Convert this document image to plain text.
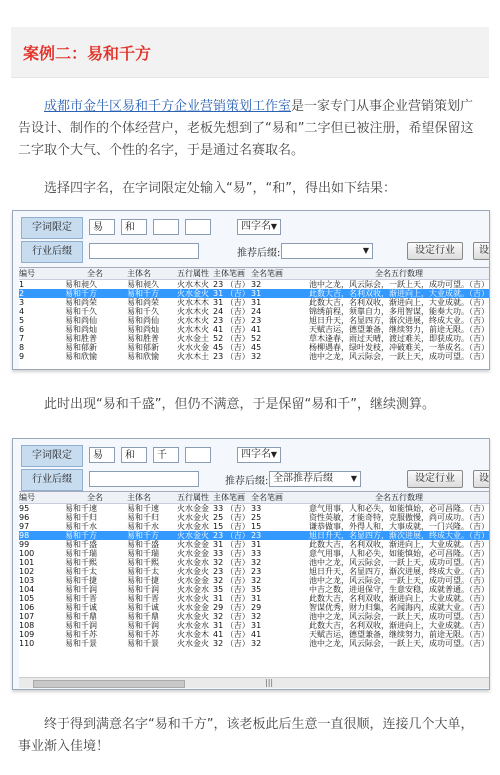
案例二：易和千方
成都市金牛区易和千方企业营销策划工作室是一家专门从事企业营销策划广告设计、制作的个体经营户，老板先想到了“易和”二字但已被注册，希望保留这二字取个大气、个性的名字，于是通过名赛取名。
选择四字名，在字词限定处输入“易”，“和”，得出如下结果：
字词限定	易	和	四字名 ▼
行业后缀	推荐后缀:	▼	设定行业	设
编号	全名	主体名	五行属性 主体笔画 全名笔画	全名五行数理
1	易和昶久	易和昶久	火水木火 23 （吉） 32	池中之龙，风云际会，一跃上天，成功可望。（吉）
2	易和千方	易和千方	火水金火 31 （吉） 31	此数大吉，名利双收，渐进向上，大业成就。（吉）
3	易和尚荣	易和尚荣	火水木木 31 （吉） 31	此数大吉，名利双收，渐进向上，大业成就。（吉）
4	易和千久	易和千久	火水木火 24 （吉） 24	锦绣前程，须靠自力，多用智谋，能奏大功。（吉）
5	易和尚仙	易和尚仙	火水木火 23 （吉） 23	旭日升天，名显四方，渐次进展，终成大业。（吉）
6	易和尚灿	易和尚灿	火水木火 41 （吉） 41	天赋吉运，德望兼备，继续努力，前途无限。（吉）
7	易和胜普	易和胜普	火水金土 52 （吉） 52	草木逢春，雨过天晴，渡过难关，即获成功。（吉）
8	易和郁新	易和郁新	火水火金 45 （吉） 45	杨柳遇春，绿叶发枝，冲破难关，一举成名。（吉）
9	易和欣愉	易和欣愉	火水木土 23 （吉） 32	池中之龙，风云际会，一跃上天，成功可望。（吉）
此时出现“易和千盛”，但仍不满意，于是保留“易和千”，继续测算。
字词限定	易	和	千	四字名 ▼
行业后缀	推荐后缀: 全部推荐后缀 ▼	设定行业	设
编号	全名	主体名	五行属性 主体笔画 全名笔画	全名五行数理
95	易和千速	易和千速	火水金金 33 （吉） 33	意气用事，人和必失，如能慎始，必可昌隆。（吉）
96	易和千归	易和千归	火水金火 25 （吉） 25	资性英敏，才能奇特，克服傲慢，尚可成功。（吉）
97	易和千水	易和千水	火水金水 15 （吉） 15	谦恭做事，外得人和，大事成就，一门兴隆。（吉）
98	易和千方	易和千方	火水金火 23 （吉） 23	旭日升天，名显四方，渐次进展，终成大业。（吉）
99	易和千盛	易和千盛	火水金金 31 （吉） 31	此数大吉，名利双收，渐进向上，大业成就。（吉）
100	易和千瑞	易和千瑞	火水金金 33 （吉） 33	意气用事，人和必失，如能慎始，必可昌隆。（吉）
101	易和千熙	易和千熙	火水金水 32 （吉） 32	池中之龙，风云际会，一跃上天，成功可望。（吉）
102	易和千太	易和千太	火水金火 23 （吉） 23	旭日升天，名显四方，渐次进展，终成大业。（吉）
103	易和千捷	易和千捷	火水金金 32 （吉） 32	池中之龙，风云际会，一跃上天，成功可望。（吉）
104	易和千润	易和千润	火水金水 35 （吉） 35	中吉之数，进退保守，生意安稳，成就普通。（吉）
105	易和千晋	易和千晋	火水金火 31 （吉） 31	此数大吉，名利双收，渐进向上，大业成就。（吉）
106	易和千诚	易和千诚	火水金金 29 （吉） 29	智谋优秀，财力归集，名闻海内，成就大业。（吉）
107	易和千鼎	易和千鼎	火水金火 32 （吉） 32	池中之龙，风云际会，一跃上天，成功可望。（吉）
108	易和千润	易和千润	火水金水 31 （吉） 31	此数大吉，名利双收，渐进向上，大业成就。（吉）
109	易和千苏	易和千苏	火水金木 41 （吉） 41	天赋吉运，德望兼备，继续努力，前途无限。（吉）
110	易和千景	易和千景	火水金火 32 （吉） 32	池中之龙，风云际会，一跃上天，成功可望。（吉）
|||
终于得到满意名字“易和千方”，该老板此后生意一直很顺，连接几个大单，事业渐入佳境！
